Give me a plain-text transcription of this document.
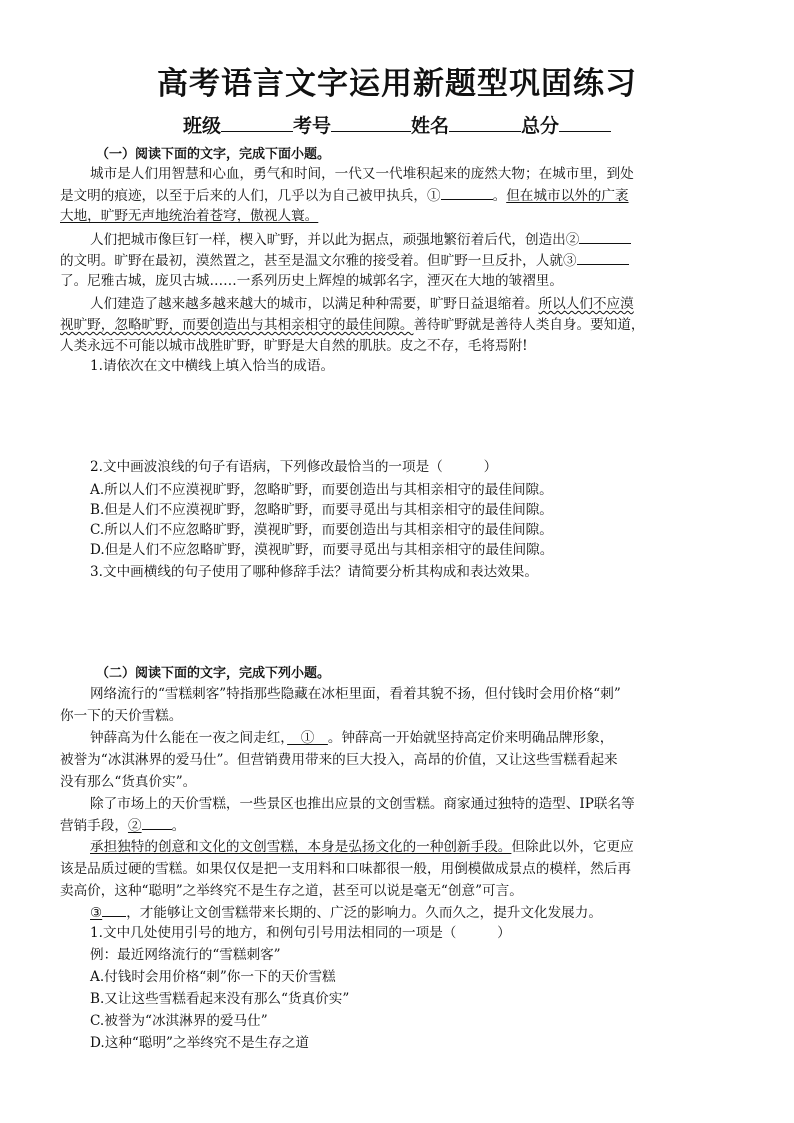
高考语言文字运用新题型巩固练习
班级	考号	姓名	总分
（一）阅读下面的文字，完成下面小题。
城市是人们用智慧和心血，勇气和时间，一代又一代堆积起来的庞然大物；在城市里，到处
是文明的痕迹，以至于后来的人们，几乎以为自己被甲执兵，①	。但在城市以外的广袤
大地，旷野无声地统治着苍穹，傲视人寰。
人们把城市像巨钉一样，楔入旷野，并以此为据点，顽强地繁衍着后代，创造出②
的文明。旷野在最初，漠然置之，甚至是温文尔雅的接受着。但旷野一旦反扑，人就③
了。尼雅古城，庞贝古城……一系列历史上辉煌的城郭名字，湮灭在大地的皱褶里。
人们建造了越来越多越来越大的城市，以满足种种需要，旷野日益退缩着。所以人们不应漠
视旷野，忽略旷野，而要创造出与其相亲相守的最佳间隙。善待旷野就是善待人类自身。要知道，
人类永远不可能以城市战胜旷野，旷野是大自然的肌肤。皮之不存，毛将焉附!
1.请依次在文中横线上填入恰当的成语。
2.文中画波浪线的句子有语病，下列修改最恰当的一项是（　　　）
A.所以人们不应漠视旷野，忽略旷野，而要创造出与其相亲相守的最佳间隙。
B.但是人们不应漠视旷野，忽略旷野，而要寻觅出与其相亲相守的最佳间隙。
C.所以人们不应忽略旷野，漠视旷野，而要创造出与其相亲相守的最佳间隙。
D.但是人们不应忽略旷野，漠视旷野，而要寻觅出与其相亲相守的最佳间隙。
3.文中画横线的句子使用了哪种修辞手法？请简要分析其构成和表达效果。
（二）阅读下面的文字，完成下列小题。
网络流行的“雪糕刺客”特指那些隐藏在冰柜里面，看着其貌不扬，但付钱时会用价格“刺”
你一下的天价雪糕。
钟薛高为什么能在一夜之间走红，　①　。钟薛高一开始就坚持高定价来明确品牌形象，
被誉为“冰淇淋界的爱马仕”。但营销费用带来的巨大投入，高昂的价值，又让这些雪糕看起来
没有那么“货真价实”。
除了市场上的天价雪糕，一些景区也推出应景的文创雪糕。商家通过独特的造型、IP联名等
营销手段，② 。
承担独特的创意和文化的文创雪糕，本身是弘扬文化的一种创新手段。但除此以外，它更应
该是品质过硬的雪糕。如果仅仅是把一支用料和口味都很一般，用倒模做成景点的模样，然后再
卖高价，这种“聪明”之举终究不是生存之道，甚至可以说是毫无“创意”可言。
③ ，才能够让文创雪糕带来长期的、广泛的影响力。久而久之，提升文化发展力。
1.文中几处使用引号的地方，和例句引号用法相同的一项是（　　　）
例：最近网络流行的“雪糕刺客”
A.付钱时会用价格“刺”你一下的天价雪糕
B.又让这些雪糕看起来没有那么“货真价实”
C.被誉为“冰淇淋界的爱马仕”
D.这种“聪明”之举终究不是生存之道
